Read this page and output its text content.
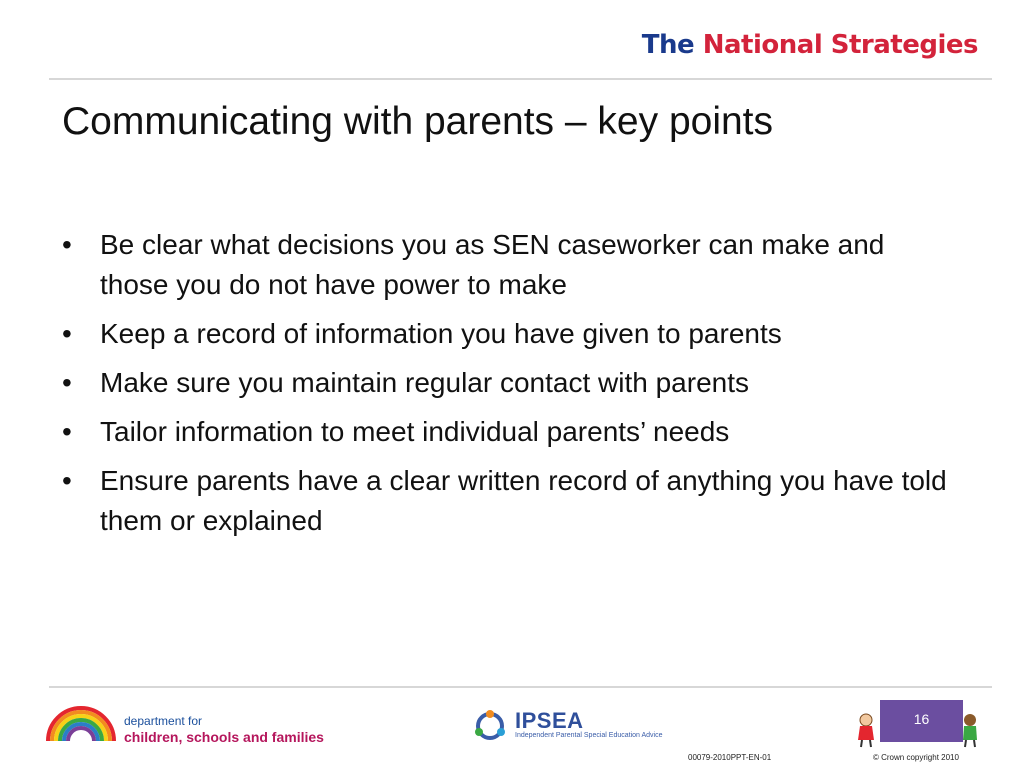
The National Strategies
Communicating with parents – key points
• Be clear what decisions you as SEN caseworker can make and those you do not have power to make
• Keep a record of information you have given to parents
• Make sure you maintain regular contact with parents
• Tailor information to meet individual parents’ needs
• Ensure parents have a clear written record of anything you have told them or explained
department for
children, schools and families
IPSEA
Independent Parental Special Education Advice
16
00079-2010PPT-EN-01	© Crown copyright 2010
